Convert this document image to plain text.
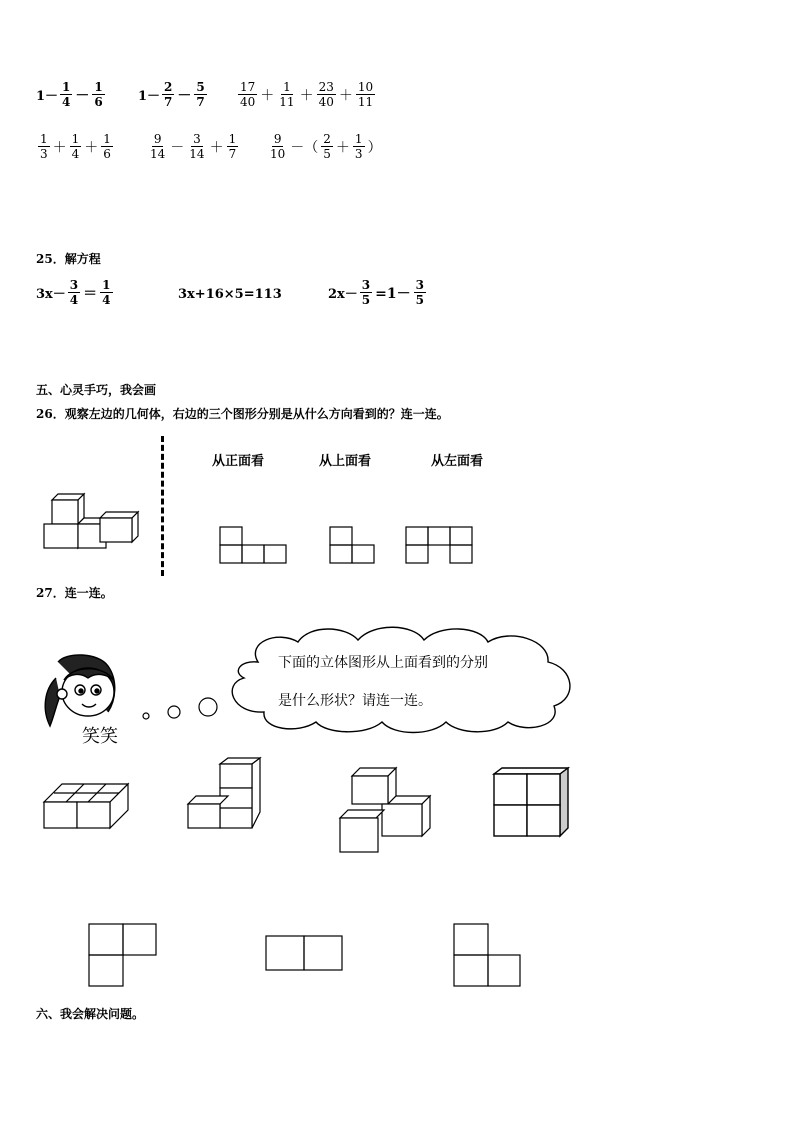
$1- \frac{1}{4} - \frac{1}{6}$	$1- \frac{2}{7} - \frac{5}{7}$	$\frac{17}{40} + \frac{1}{11} + \frac{23}{40} + \frac{10}{11}$
$\frac{1}{3} + \frac{1}{4} + \frac{1}{6}$	$\frac{9}{14} - \frac{3}{14} + \frac{1}{7} \frac{9}{10}$ －（ $\frac{2}{5} + \frac{1}{3}$ ）
25．解方程
$3x- \frac{3}{4} = \frac{1}{4}$	3x+16×5=113	$2x- \frac{3}{5} =1- \frac{3}{5}$
五、心灵手巧，我会画
26．观察左边的几何体，右边的三个图形分别是从什么方向看到的？连一连。
从正面看	从上面看	从左面看
27．连一连。
笑笑
下面的立体图形从上面看到的分别
是什么形状？请连一连。
六、我会解决问题。
